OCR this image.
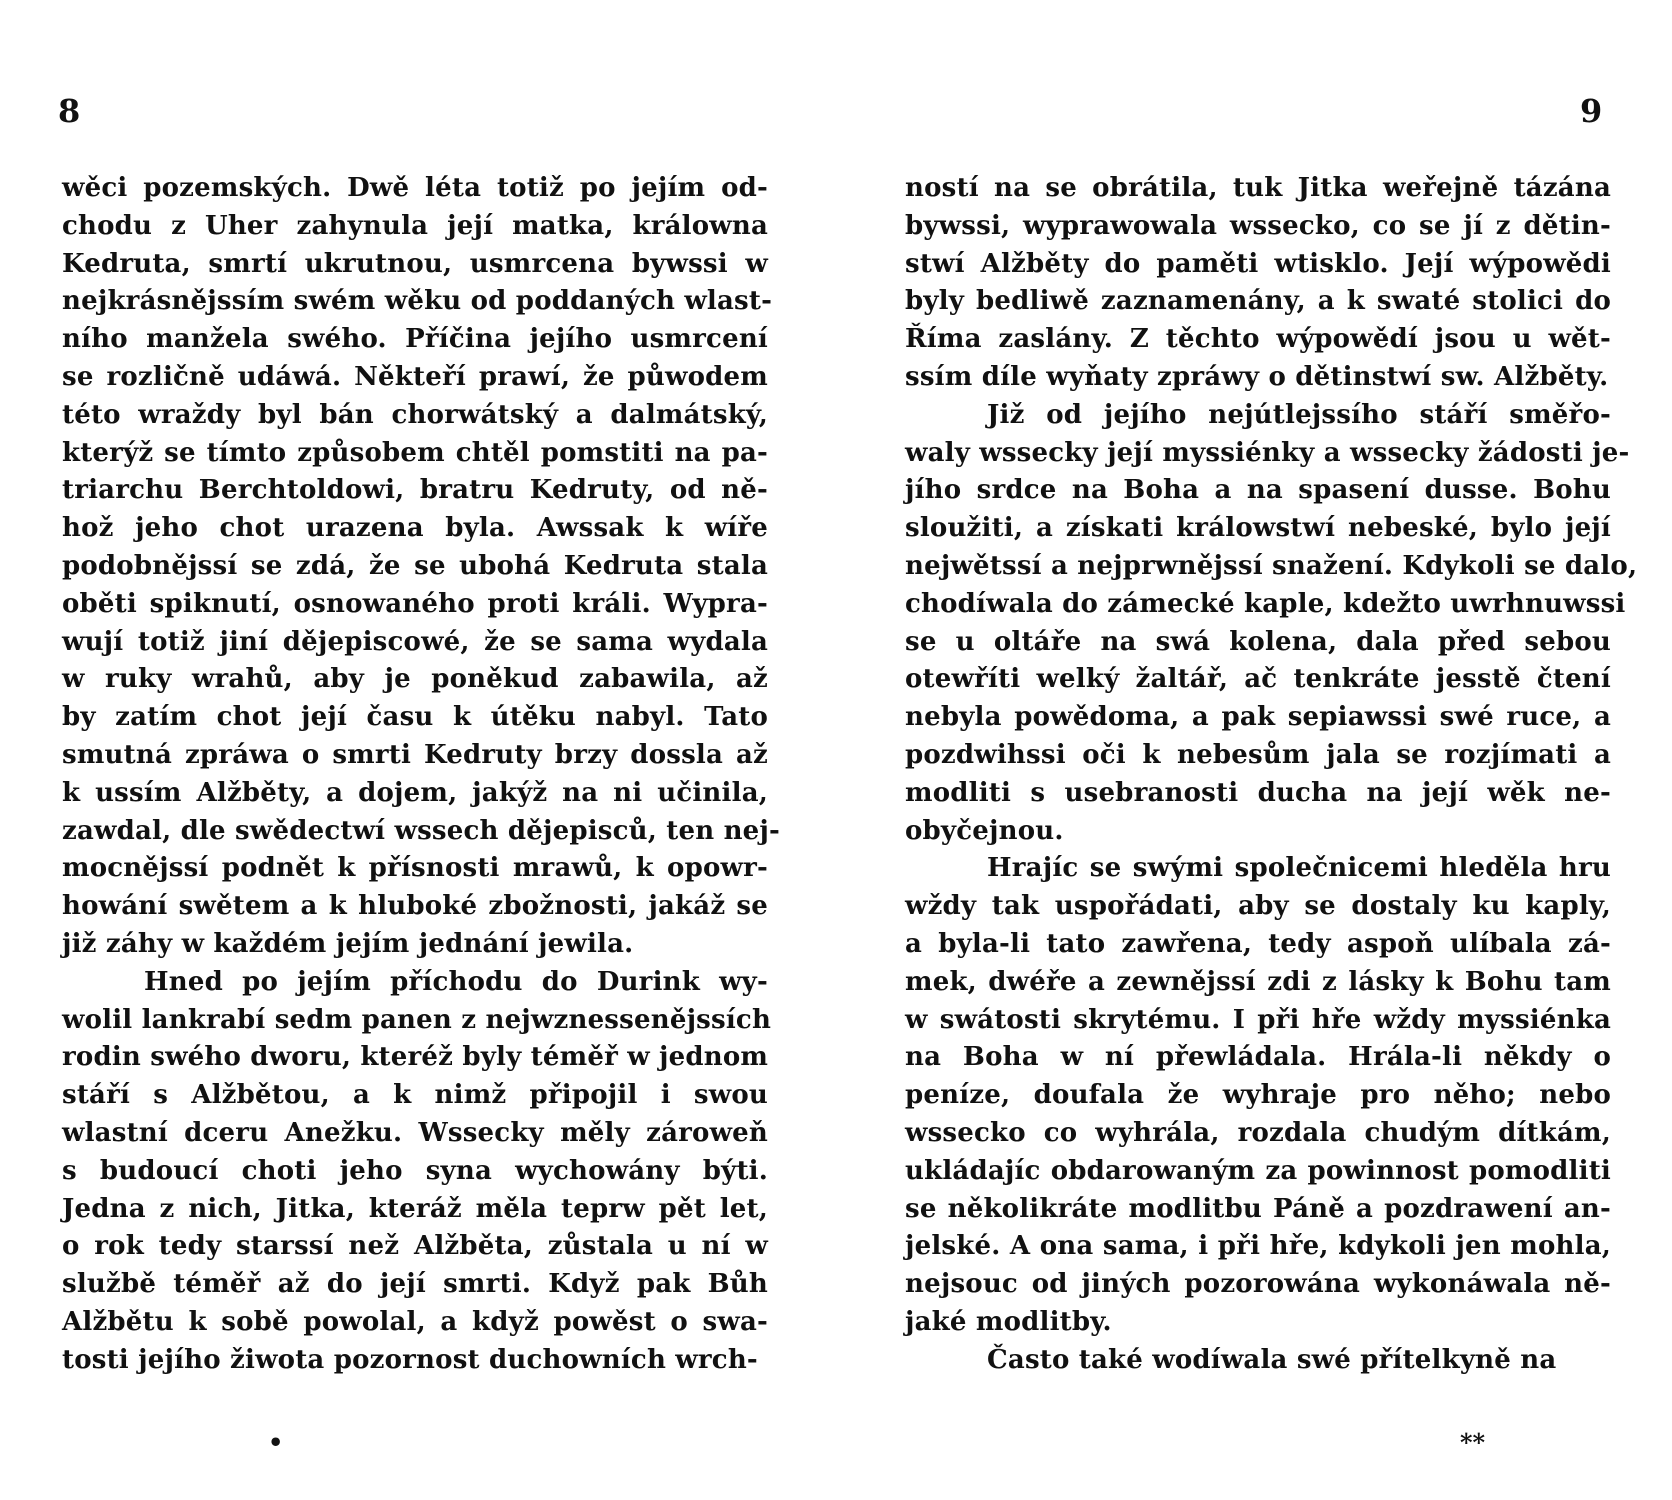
8	9
wěci pozemských. Dwě léta totiž po jejím od-
chodu z Uher zahynula její matka, králowna
Kedruta, smrtí ukrutnou, usmrcena bywssi w
nejkrásnějssím swém wěku od poddaných wlast-
ního manžela swého. Příčina jejího usmrcení
se rozličně udáwá. Někteří prawí, že půwodem
této wraždy byl bán chorwátský a dalmátský,
kterýž se tímto způsobem chtěl pomstiti na pa-
triarchu Berchtoldowi, bratru Kedruty, od ně-
hož jeho chot urazena byla. Awssak k wíře
podobnějssí se zdá, že se ubohá Kedruta stala
oběti spiknutí, osnowaného proti králi. Wypra-
wují totiž jiní dějepiscowé, že se sama wydala
w ruky wrahů, aby je poněkud zabawila, až
by zatím chot její času k útěku nabyl. Tato
smutná zpráwa o smrti Kedruty brzy dossla až
k ussím Alžběty, a dojem, jakýž na ni učinila,
zawdal, dle swědectwí wssech dějepisců, ten nej-
mocnějssí podnět k přísnosti mrawů, k opowr-
howání swětem a k hluboké zbožnosti, jakáž se
již záhy w každém jejím jednání jewila.
Hned po jejím příchodu do Durink wy-
wolil lankrabí sedm panen z nejwznessenějssích
rodin swého dworu, kteréž byly téměř w jednom
stáří s Alžbětou, a k nimž připojil i swou
wlastní dceru Anežku. Wssecky měly zároweň
s budoucí choti jeho syna wychowány býti.
Jedna z nich, Jitka, kteráž měla teprw pět let,
o rok tedy starssí než Alžběta, zůstala u ní w
službě téměř až do její smrti. Když pak Bůh
Alžbětu k sobě powolal, a když powěst o swa-
tosti jejího žiwota pozornost duchowních wrch-
ností na se obrátila, tuk Jitka weřejně tázána
bywssi, wyprawowala wssecko, co se jí z dětin-
stwí Alžběty do paměti wtisklo. Její wýpowědi
byly bedliwě zaznamenány, a k swaté stolici do
Říma zaslány. Z těchto wýpowědí jsou u wět-
ssím díle wyňaty zpráwy o dětinstwí sw. Alžběty.
Již od jejího nejútlejssího stáří směřo-
waly wssecky její myssiénky a wssecky žádosti je-
jího srdce na Boha a na spasení dusse. Bohu
sloužiti, a získati králowstwí nebeské, bylo její
nejwětssí a nejprwnějssí snažení. Kdykoli se dalo,
chodíwala do zámecké kaple, kdežto uwrhnuwssi
se u oltáře na swá kolena, dala před sebou
otewříti welký žaltář, ač tenkráte jesstě čtení
nebyla powědoma, a pak sepiawssi swé ruce, a
pozdwihssi oči k nebesům jala se rozjímati a
modliti s usebranosti ducha na její wěk ne-
obyčejnou.
Hrajíc se swými společnicemi hleděla hru
wždy tak uspořádati, aby se dostaly ku kaply,
a byla-li tato zawřena, tedy aspoň ulíbala zá-
mek, dwéře a zewnějssí zdi z lásky k Bohu tam
w swátosti skrytému. I při hře wždy myssiénka
na Boha w ní přewládala. Hrála-li někdy o
peníze, doufala že wyhraje pro něho; nebo
wssecko co wyhrála, rozdala chudým dítkám,
ukládajíc obdarowaným za powinnost pomodliti
se několikráte modlitbu Páně a pozdrawení an-
jelské. A ona sama, i při hře, kdykoli jen mohla,
nejsouc od jiných pozorowána wykonáwala ně-
jaké modlitby.
Často také wodíwala swé přítelkyně na
•	**
